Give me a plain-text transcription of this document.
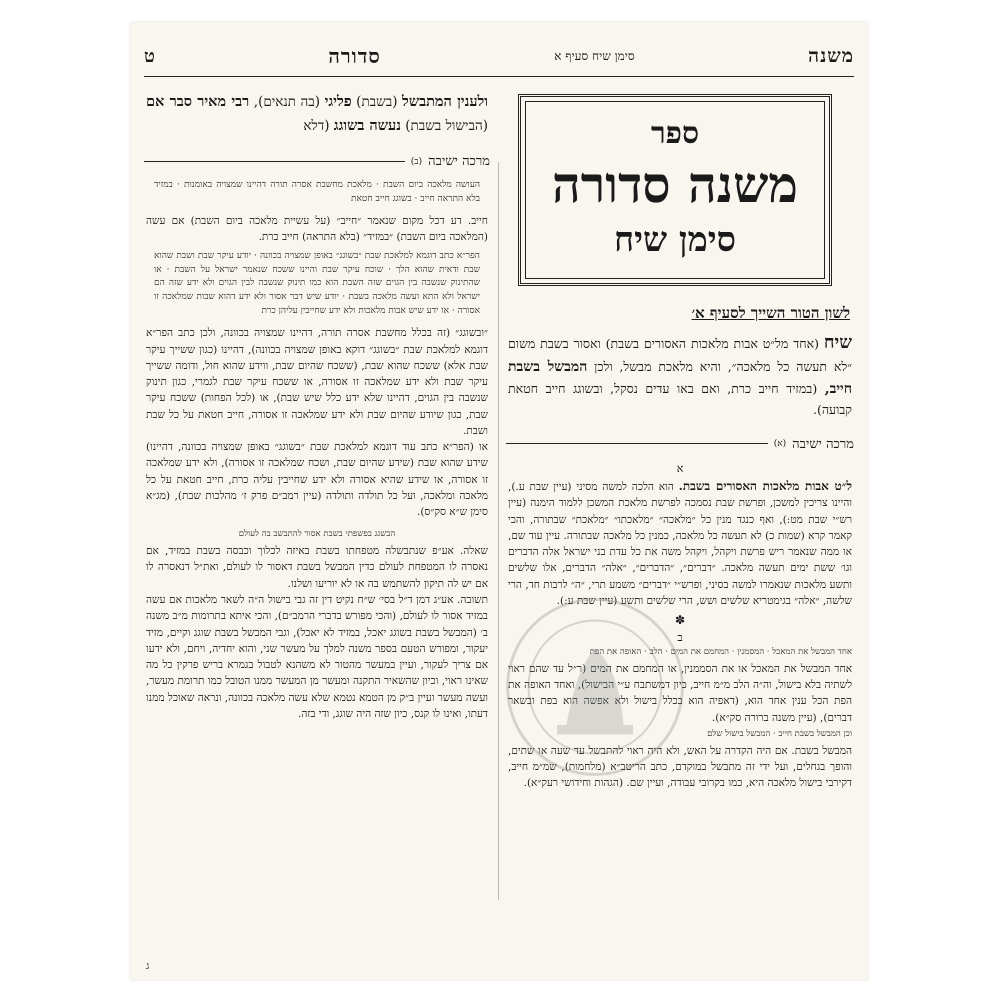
משנה
סימן שיח סעיף א
סדורה
ט
ספר
משנה סדורה
סימן שיח
לשון הטור השייך לסעיף א׳
שיח (אחד מל״ט אבות מלאכות האסורים בשבת) ואסור בשבת משום ״לא תעשה כל מלאכה״, והיא מלאכת מבשל, ולכן המבשל בשבת חייב, (במזיד חייב כרת, ואם באו עדים נסקל, ובשוגג חייב חטאת קבועה).
מרכה ישיבה
(א)
א
ל״ט אבות מלאכות האסורים בשבת. הוא הלכה למשה מסיני (עיין שבת ע.), והיינו צריכין למשכן, ופרשת שבת נסמכה לפרשת מלאכת המשכן ללמוד הימנה (עיין רש״י שבת מט:), ואף כנגד מנין כל ״מלאכה״ ״מלאכתו״ ״מלאכת״ שבתורה, והכי קאמר קרא (שמות כ) לא תעשה כל מלאכה, כמנין כל מלאכה שבתורה. עיין עוד שם, או ממה שנאמר ריש פרשת ויקהל, ויקהל משה את כל עדת בני ישראל אלה הדברים וגו׳ ששת ימים תעשה מלאכה. ״דברים״, ״הדברים״, ״אלה״ הדברים, אלו שלשים ותשע מלאכות שנאמרו למשה בסיני, ופרש״י ״דברים״ משמע תרי, ״ה״ לרבות חד, הרי שלשה, ״אלה״ בגימטריא שלשים ושש, הרי שלשים ותשע (עיין שבת ע:).
✽
ב
אחד המבשל את המאכל · המסמנין · המחמם את המים · הלב · האופה את הפת
אחד המבשל את המאכל או את הסממנין, או המחמם את המים (ר״ל עד שהם ראוי לשתיה בלא בישול, וה״ה הלב מ״מ חייב, כיון דמשתבח ע״י הבישול), ואחד האופה את הפת הכל ענין אחד הוא, (דאפיה הוא בכלל בישול ולא אפשה הוא בפת ובשאר דברים), (עיין משנה ברורה סק״א).
וכן המבשל בשבת חייב · המבשל בישול שלם
המבשל בשבת. אם היה הקדרה על האש, ולא היה ראוי להתבשל עד שעה או שתים, והופך בגחלים, ועל ידי זה מתבשל במוקדם, כתב הריטב״א (מלחמות), שמ״מ חייב, דקירבי בישול מלאכה היא, כמו בקרובי עבודה, ועיין שם. (הגהות וחידושי רעק״א).
ולענין המתבשל (בשבת) פליגי (בה תנאים), רבי מאיר סבר אם (הבישול בשבת) נעשה בשוגג (דלא
מרכה ישיבה
(ב)
העושה מלאכה ביום השבת · מלאכת מחשבת אסרה תורה דהיינו שמצויה באומנות · במזיד בלא התראה חייב · בשוגג חייב חטאת
חייב. דע דכל מקום שנאמר ״חייב״ (על עשיית מלאכה ביום השבת) אם עשה (המלאכה ביום השבת) ״במזיד״ (בלא התראה) חייב כרת.
הפר״א כתב דוגמא למלאכת שבת ״בשוגג״ באופן שמצויה בכוונה · יודע עיקר שבת ושבת שהוא שבת ודאית שהוא הלך · שוכח עיקר שבת והיינו ששכח שנאמר ישראל על השבת · או שהתינוק שנשבה בין הגוים שזה השבת הוא כמו תינוק שנשבה לבין הגוים ולא ידע שזה הם ישראל ולא התא ועשה מלאכה בשבת · יודע שיש דבר אסור ולא ידע דהוא שבות שמלאכה זו אסורה · או ידע שיש אבות מלאכות ולא ידע שחייבין עליהן כרת
״ובשוגג״ (זה בכלל מחשבת אסרה תורה, דהיינו שמצויה בכוונה, ולכן כתב הפר״א דוגמא למלאכת שבת ״בשוגג״ דוקא באופן שמצויה בכוונה), דהיינו (כגון ששייך עיקר שבת אלא) ששכח שהוא שבת, (ששכח שהיום שבת, ווידע שהוא חול, ודומה ששייך עיקר שבת ולא ידע שמלאכה זו אסורה, או ששכח עיקר שבת לגמרי, כגון תינוק שנשבה בין הגוים, דהיינו שלא ידע כלל שיש שבת), או (לכל הפחות) ששכח עיקר שבת, כגון שיודע שהיום שבת ולא ידע שמלאכה זו אסורה, חייב חטאת על כל שבת ושבת.
או (הפר״א כתב עוד דוגמא למלאכת שבת ״בשוגג״ באופן שמצויה בכוונה, דהיינו) שידע שהוא שבת (שידע שהיום שבת, ושכח שמלאכה זו אסורה), ולא ידע שמלאכה זו אסורה, או שידע שהיא אסורה ולא ידע שחייבין עליה כרת, חייב חטאת על כל מלאכה ומלאכה, ועל כל תולדה ותולדה (עיין רמב״ם פרק ז׳ מהלכות שבת), (מג״א סימן ש״א סק״ס).
הבשגג בפשפתי בשבת אסור להתבשב בה לעולם
שאלה. אע״פ שנתבשלה מטפחתו בשבת באיזה לכלוך וכבסה בשבת במזיד, אם נאסרה לו המטפחת לעולם כדין המבשל בשבת דאסור לו לעולם, ואת״ל דנאסרה לו אם יש לה תיקון להשתמש בה או לא יוריעו ושלנו.
תשובה. אע״ג דמן ד״ל בסי׳ ש״ח נקיט דין זה גבי בישול ה״ה לשאר מלאכות אם עשה במזיד אסור לו לעולם, (והכי מפורש בדברי הרמב״ם), והכי איתא בתרומות מ״ב משנה ב׳ (המבשל בשבת בשוגג יאכל, במזיד לא יאכל), וגבי המבשל בשבת שוגג וקיים, מזיד יעקור, ומפורש הטעם בספר משנה למלך על מעשר שני, והוא יחדיה, ויחם, ולא ידעו אם צריך לעקור, ועיין במעשר מהטור לא משהנא לטבול בגמרא בריש פרקין כל מה שאינו ראוי, וכיון שהשאיר התקנה ומעשר מן המעשר ממנו הטובל כמו תרומת מעשר, ועשה מעשר ועיין ב״ק מן הטמא נטמא שלא עשה מלאכה בכוונה, ונראה שאוכל ממנו דעתו, ואינו לו קנס, כיון שזה היה שוגג, ודי בזה.
ג
